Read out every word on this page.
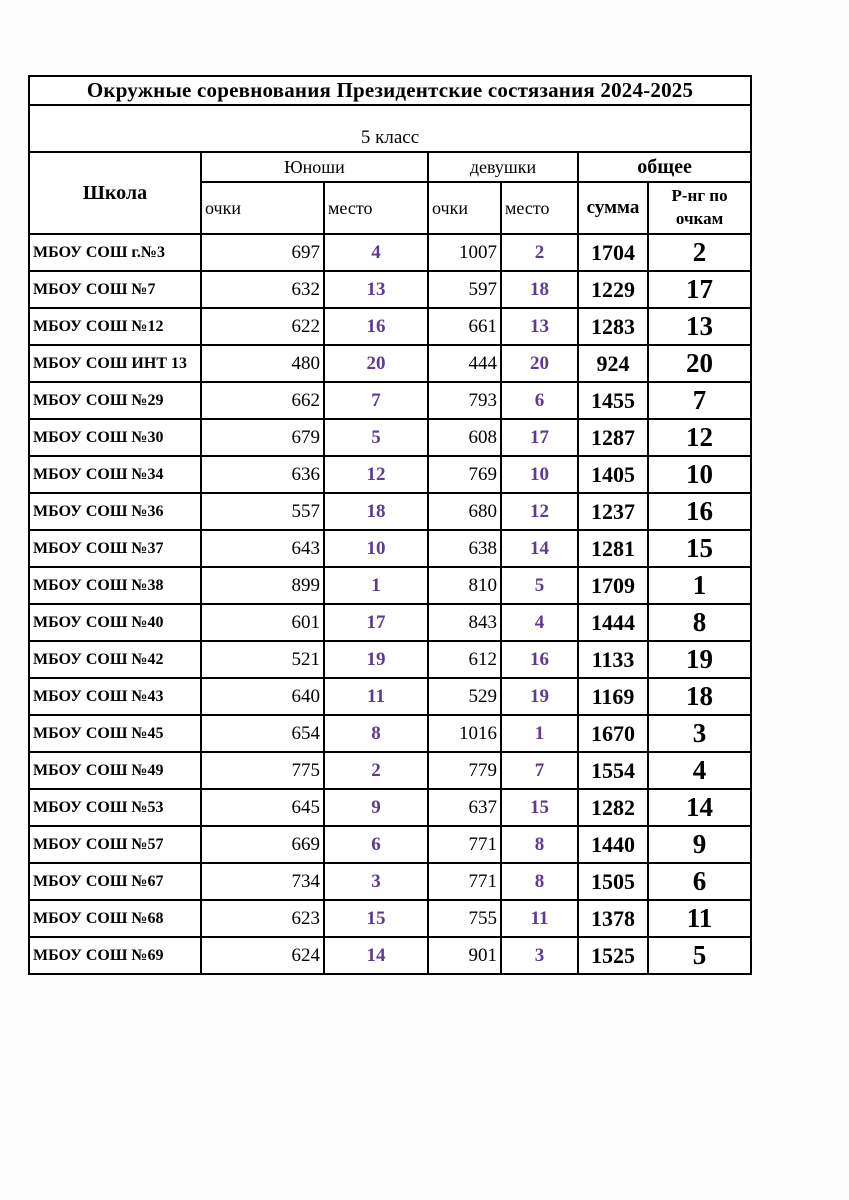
Окружные соревнования Президентские состязания 2024-2025						
5 класс						
Школа	Юноши		девушки		общее	
	очки	место	очки	место	сумма	Р-нг по очкам
МБОУ СОШ г.№3	697	4	1007	2	1704	2
МБОУ СОШ №7	632	13	597	18	1229	17
МБОУ СОШ №12	622	16	661	13	1283	13
МБОУ СОШ ИНТ 13	480	20	444	20	924	20
МБОУ СОШ №29	662	7	793	6	1455	7
МБОУ СОШ №30	679	5	608	17	1287	12
МБОУ СОШ №34	636	12	769	10	1405	10
МБОУ СОШ №36	557	18	680	12	1237	16
МБОУ СОШ №37	643	10	638	14	1281	15
МБОУ СОШ №38	899	1	810	5	1709	1
МБОУ СОШ №40	601	17	843	4	1444	8
МБОУ СОШ №42	521	19	612	16	1133	19
МБОУ СОШ №43	640	11	529	19	1169	18
МБОУ СОШ №45	654	8	1016	1	1670	3
МБОУ СОШ №49	775	2	779	7	1554	4
МБОУ СОШ №53	645	9	637	15	1282	14
МБОУ СОШ №57	669	6	771	8	1440	9
МБОУ СОШ №67	734	3	771	8	1505	6
МБОУ СОШ №68	623	15	755	11	1378	11
МБОУ СОШ №69	624	14	901	3	1525	5
